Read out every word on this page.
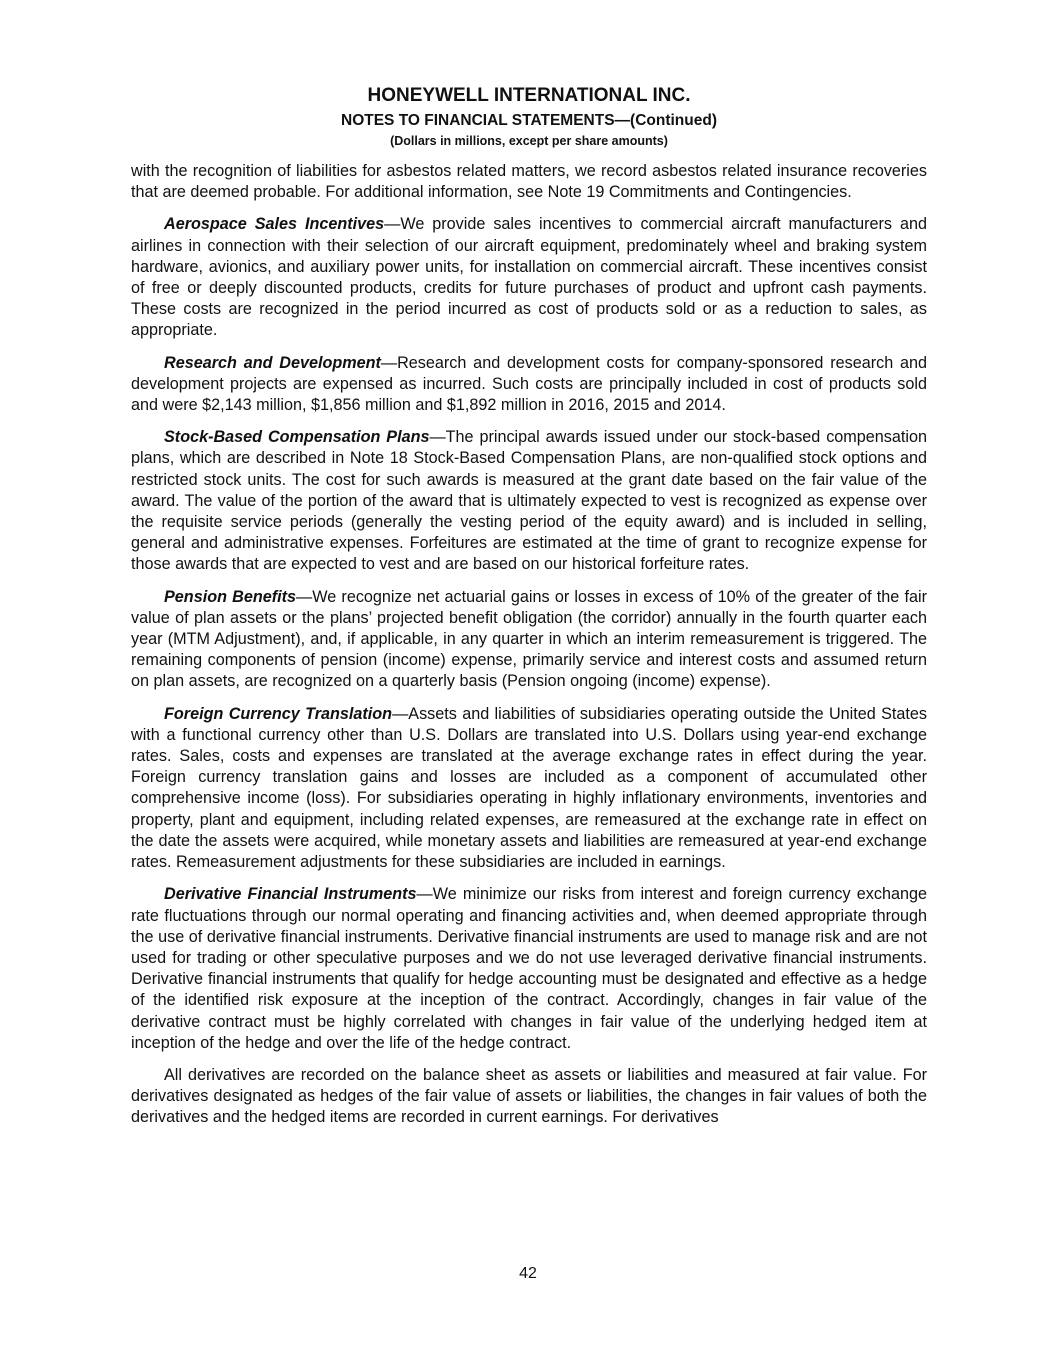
HONEYWELL INTERNATIONAL INC.
NOTES TO FINANCIAL STATEMENTS—(Continued)
(Dollars in millions, except per share amounts)

with the recognition of liabilities for asbestos related matters, we record asbestos related insurance recoveries that are deemed probable. For additional information, see Note 19 Commitments and Contingencies.

Aerospace Sales Incentives—We provide sales incentives to commercial aircraft manufacturers and airlines in connection with their selection of our aircraft equipment, predominately wheel and braking system hardware, avionics, and auxiliary power units, for installation on commercial aircraft. These incentives consist of free or deeply discounted products, credits for future purchases of product and upfront cash payments. These costs are recognized in the period incurred as cost of products sold or as a reduction to sales, as appropriate.

Research and Development—Research and development costs for company-sponsored research and development projects are expensed as incurred. Such costs are principally included in cost of products sold and were $2,143 million, $1,856 million and $1,892 million in 2016, 2015 and 2014.

Stock-Based Compensation Plans—The principal awards issued under our stock-based compensation plans, which are described in Note 18 Stock-Based Compensation Plans, are non-qualified stock options and restricted stock units. The cost for such awards is measured at the grant date based on the fair value of the award. The value of the portion of the award that is ultimately expected to vest is recognized as expense over the requisite service periods (generally the vesting period of the equity award) and is included in selling, general and administrative expenses. Forfeitures are estimated at the time of grant to recognize expense for those awards that are expected to vest and are based on our historical forfeiture rates.

Pension Benefits—We recognize net actuarial gains or losses in excess of 10% of the greater of the fair value of plan assets or the plans’ projected benefit obligation (the corridor) annually in the fourth quarter each year (MTM Adjustment), and, if applicable, in any quarter in which an interim remeasurement is triggered. The remaining components of pension (income) expense, primarily service and interest costs and assumed return on plan assets, are recognized on a quarterly basis (Pension ongoing (income) expense).

Foreign Currency Translation—Assets and liabilities of subsidiaries operating outside the United States with a functional currency other than U.S. Dollars are translated into U.S. Dollars using year-end exchange rates. Sales, costs and expenses are translated at the average exchange rates in effect during the year. Foreign currency translation gains and losses are included as a component of accumulated other comprehensive income (loss). For subsidiaries operating in highly inflationary environments, inventories and property, plant and equipment, including related expenses, are remeasured at the exchange rate in effect on the date the assets were acquired, while monetary assets and liabilities are remeasured at year-end exchange rates. Remeasurement adjustments for these subsidiaries are included in earnings.

Derivative Financial Instruments—We minimize our risks from interest and foreign currency exchange rate fluctuations through our normal operating and financing activities and, when deemed appropriate through the use of derivative financial instruments. Derivative financial instruments are used to manage risk and are not used for trading or other speculative purposes and we do not use leveraged derivative financial instruments. Derivative financial instruments that qualify for hedge accounting must be designated and effective as a hedge of the identified risk exposure at the inception of the contract. Accordingly, changes in fair value of the derivative contract must be highly correlated with changes in fair value of the underlying hedged item at inception of the hedge and over the life of the hedge contract.

All derivatives are recorded on the balance sheet as assets or liabilities and measured at fair value. For derivatives designated as hedges of the fair value of assets or liabilities, the changes in fair values of both the derivatives and the hedged items are recorded in current earnings. For derivatives

42
